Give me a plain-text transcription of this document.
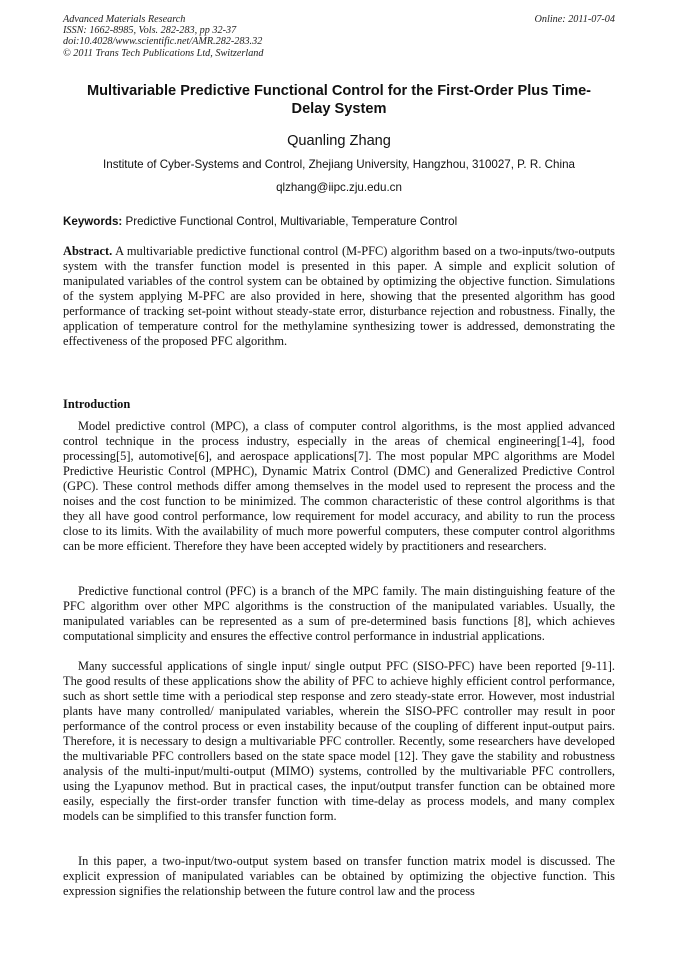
Advanced Materials Research
ISSN: 1662-8985, Vols. 282-283, pp 32-37
doi:10.4028/www.scientific.net/AMR.282-283.32
© 2011 Trans Tech Publications Ltd, Switzerland
Online: 2011-07-04
Multivariable Predictive Functional Control for the First-Order Plus Time-Delay System
Quanling Zhang
Institute of Cyber-Systems and Control, Zhejiang University, Hangzhou, 310027, P. R. China
qlzhang@iipc.zju.edu.cn
Keywords: Predictive Functional Control, Multivariable, Temperature Control
Abstract. A multivariable predictive functional control (M-PFC) algorithm based on a two-inputs/two-outputs system with the transfer function model is presented in this paper. A simple and explicit solution of manipulated variables of the control system can be obtained by optimizing the objective function. Simulations of the system applying M-PFC are also provided in here, showing that the presented algorithm has good performance of tracking set-point without steady-state error, disturbance rejection and robustness. Finally, the application of temperature control for the methylamine synthesizing tower is addressed, demonstrating the effectiveness of the proposed PFC algorithm.
Introduction
Model predictive control (MPC), a class of computer control algorithms, is the most applied advanced control technique in the process industry, especially in the areas of chemical engineering[1-4], food processing[5], automotive[6], and aerospace applications[7]. The most popular MPC algorithms are Model Predictive Heuristic Control (MPHC), Dynamic Matrix Control (DMC) and Generalized Predictive Control (GPC). These control methods differ among themselves in the model used to represent the process and the noises and the cost function to be minimized. The common characteristic of these control algorithms is that they all have good control performance, low requirement for model accuracy, and ability to run the process close to its limits. With the availability of much more powerful computers, these computer control algorithms can be more efficient. Therefore they have been accepted widely by practitioners and researchers.
Predictive functional control (PFC) is a branch of the MPC family. The main distinguishing feature of the PFC algorithm over other MPC algorithms is the construction of the manipulated variables. Usually, the manipulated variables can be represented as a sum of pre-determined basis functions [8], which achieves computational simplicity and ensures the effective control performance in industrial applications.
Many successful applications of single input/ single output PFC (SISO-PFC) have been reported [9-11]. The good results of these applications show the ability of PFC to achieve highly efficient control performance, such as short settle time with a periodical step response and zero steady-state error. However, most industrial plants have many controlled/ manipulated variables, wherein the SISO-PFC controller may result in poor performance of the control process or even instability because of the coupling of different input-output pairs. Therefore, it is necessary to design a multivariable PFC controller. Recently, some researchers have developed the multivariable PFC controllers based on the state space model [12]. They gave the stability and robustness analysis of the multi-input/multi-output (MIMO) systems, controlled by the multivariable PFC controllers, using the Lyapunov method. But in practical cases, the input/output transfer function can be obtained more easily, especially the first-order transfer function with time-delay as process models, and many complex models can be simplified to this transfer function form.
In this paper, a two-input/two-output system based on transfer function matrix model is discussed. The explicit expression of manipulated variables can be obtained by optimizing the objective function. This expression signifies the relationship between the future control law and the process
